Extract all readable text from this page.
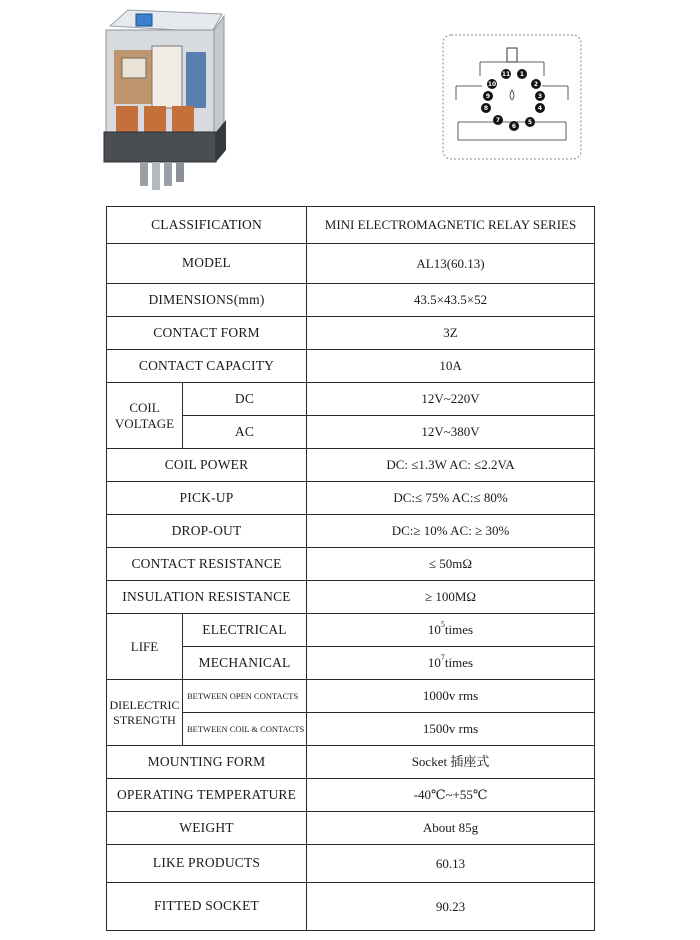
1
2
3
4
5
6
7
8
9
10
11
CLASSIFICATION		MINI ELECTROMAGNETIC RELAY SERIES
MODEL		AL13(60.13)
DIMENSIONS(mm)		43.5×43.5×52
CONTACT FORM		3Z
CONTACT CAPACITY		10A
COIL
VOLTAGE	DC	12V~220V
	AC	12V~380V
COIL POWER		DC: ≤1.3W AC: ≤2.2VA
PICK-UP		DC:≤ 75% AC:≤ 80%
DROP-OUT		DC:≥ 10% AC: ≥ 30%
CONTACT RESISTANCE		≤ 50mΩ
INSULATION RESISTANCE		≥ 100MΩ
LIFE	ELECTRICAL	$10^5times$
	MECHANICAL	$10^7times$
DIELECTRIC
STRENGTH	BETWEEN OPEN CONTACTS	1000v rms
	BETWEEN COIL & CONTACTS	1500v rms
MOUNTING FORM		Socket 插座式
OPERATING TEMPERATURE		-40℃~+55℃
WEIGHT		About 85g
LIKE PRODUCTS		60.13
FITTED SOCKET		90.23
